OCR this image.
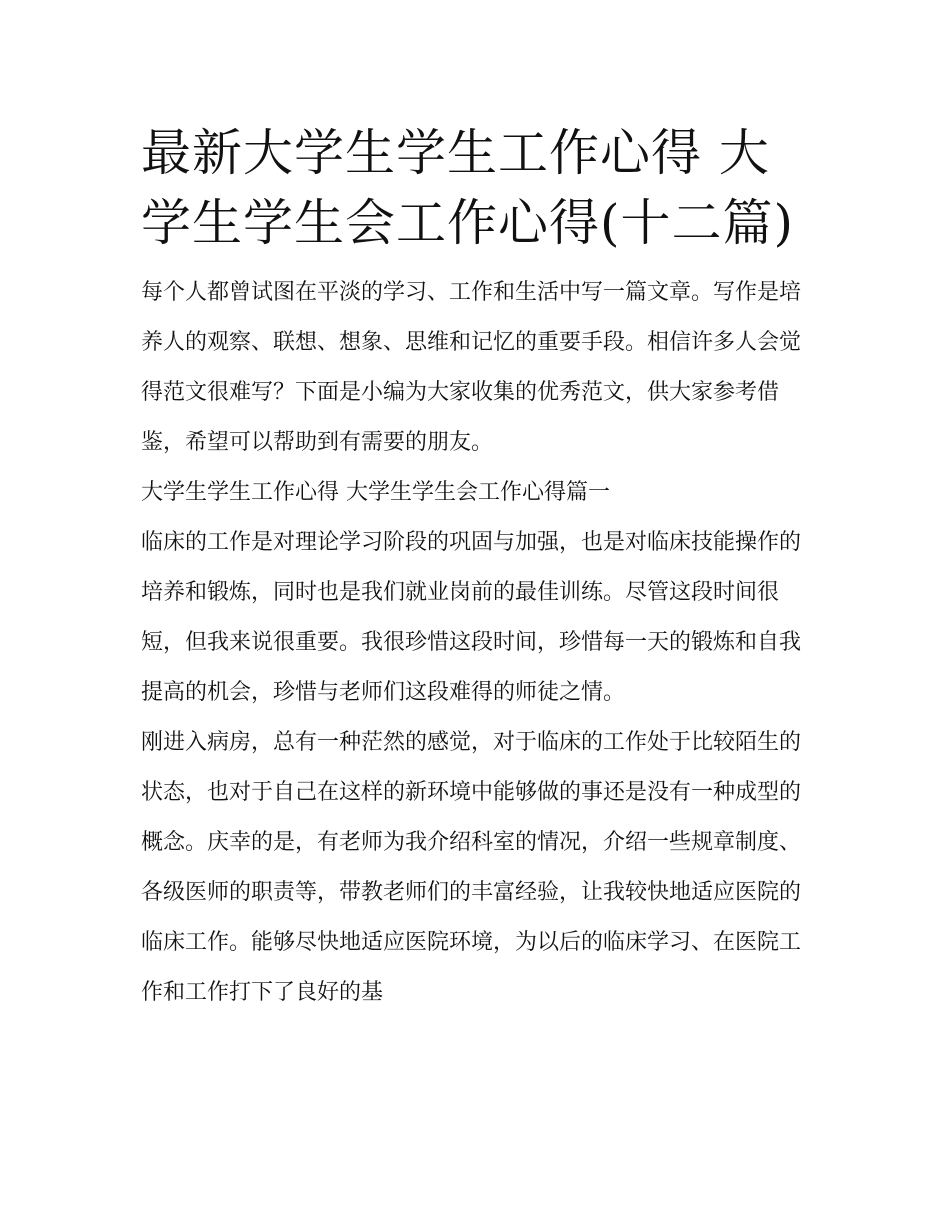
最新大学生学生工作心得 大学生学生会工作心得(十二篇)

每个人都曾试图在平淡的学习、工作和生活中写一篇文章。写作是培养人的观察、联想、想象、思维和记忆的重要手段。相信许多人会觉得范文很难写？下面是小编为大家收集的优秀范文，供大家参考借鉴，希望可以帮助到有需要的朋友。

大学生学生工作心得 大学生学生会工作心得篇一

临床的工作是对理论学习阶段的巩固与加强，也是对临床技能操作的培养和锻炼，同时也是我们就业岗前的最佳训练。尽管这段时间很短，但我来说很重要。我很珍惜这段时间，珍惜每一天的锻炼和自我提高的机会，珍惜与老师们这段难得的师徒之情。

刚进入病房，总有一种茫然的感觉，对于临床的工作处于比较陌生的状态，也对于自己在这样的新环境中能够做的事还是没有一种成型的概念。庆幸的是，有老师为我介绍科室的情况，介绍一些规章制度、各级医师的职责等，带教老师们的丰富经验，让我较快地适应医院的临床工作。能够尽快地适应医院环境，为以后的临床学习、在医院工作和工作打下了良好的基
